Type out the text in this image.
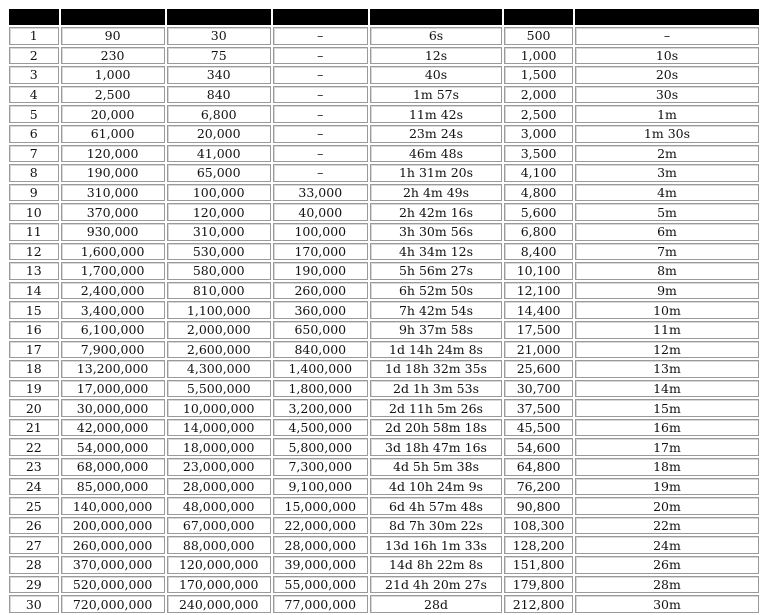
1	90	30	–	6s	500	–
2	230	75	–	12s	1,000	10s
3	1,000	340	–	40s	1,500	20s
4	2,500	840	–	1m 57s	2,000	30s
5	20,000	6,800	–	11m 42s	2,500	1m
6	61,000	20,000	–	23m 24s	3,000	1m 30s
7	120,000	41,000	–	46m 48s	3,500	2m
8	190,000	65,000	–	1h 31m 20s	4,100	3m
9	310,000	100,000	33,000	2h 4m 49s	4,800	4m
10	370,000	120,000	40,000	2h 42m 16s	5,600	5m
11	930,000	310,000	100,000	3h 30m 56s	6,800	6m
12	1,600,000	530,000	170,000	4h 34m 12s	8,400	7m
13	1,700,000	580,000	190,000	5h 56m 27s	10,100	8m
14	2,400,000	810,000	260,000	6h 52m 50s	12,100	9m
15	3,400,000	1,100,000	360,000	7h 42m 54s	14,400	10m
16	6,100,000	2,000,000	650,000	9h 37m 58s	17,500	11m
17	7,900,000	2,600,000	840,000	1d 14h 24m 8s	21,000	12m
18	13,200,000	4,300,000	1,400,000	1d 18h 32m 35s	25,600	13m
19	17,000,000	5,500,000	1,800,000	2d 1h 3m 53s	30,700	14m
20	30,000,000	10,000,000	3,200,000	2d 11h 5m 26s	37,500	15m
21	42,000,000	14,000,000	4,500,000	2d 20h 58m 18s	45,500	16m
22	54,000,000	18,000,000	5,800,000	3d 18h 47m 16s	54,600	17m
23	68,000,000	23,000,000	7,300,000	4d 5h 5m 38s	64,800	18m
24	85,000,000	28,000,000	9,100,000	4d 10h 24m 9s	76,200	19m
25	140,000,000	48,000,000	15,000,000	6d 4h 57m 48s	90,800	20m
26	200,000,000	67,000,000	22,000,000	8d 7h 30m 22s	108,300	22m
27	260,000,000	88,000,000	28,000,000	13d 16h 1m 33s	128,200	24m
28	370,000,000	120,000,000	39,000,000	14d 8h 22m 8s	151,800	26m
29	520,000,000	170,000,000	55,000,000	21d 4h 20m 27s	179,800	28m
30	720,000,000	240,000,000	77,000,000	28d	212,800	30m
